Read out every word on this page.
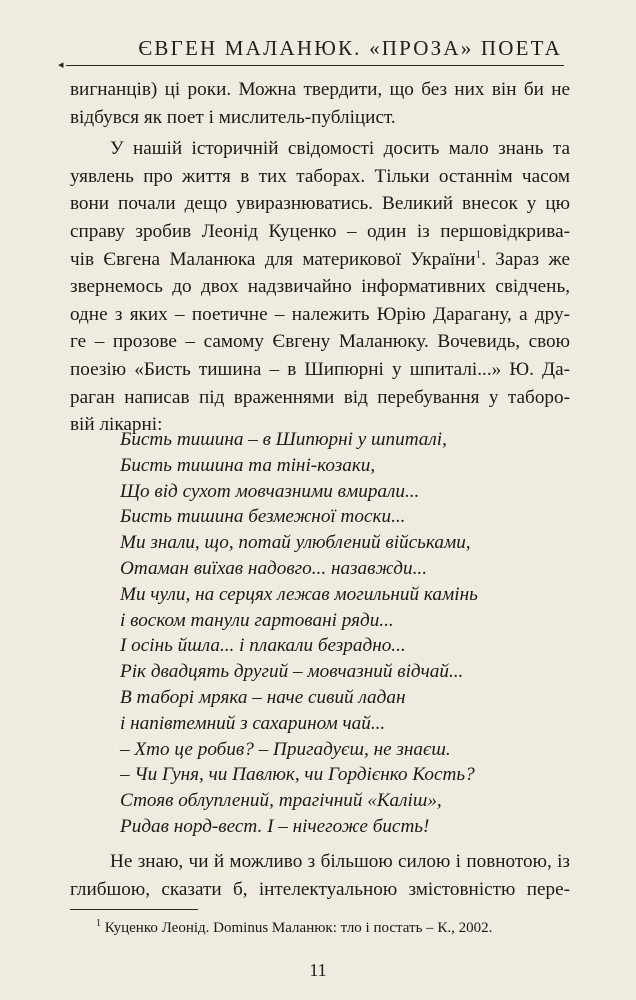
◂
ЄВГЕН МАЛАНЮК. «ПРОЗА» ПОЕТА

вигнанців) ці роки. Можна твердити, що без них він би не
відбувся як поет і мислитель-публіцист.

У нашій історичній свідомості досить мало знань та
уявлень про життя в тих таборах. Тільки останнім часом
вони почали дещо увиразнюватись. Великий внесок у цю
справу зробив Леонід Куценко – один із першовідкрива-
чів Євгена Маланюка для материкової України$^1$. Зараз же
звернемось до двох надзвичайно інформативних свідчень,
одне з яких – поетичне – належить Юрію Дарагану, а дру-
ге – прозове – самому Євгену Маланюку. Вочевидь, свою
поезію «Бисть тишина – в Шипюрні у шпиталі...» Ю. Да-
раган написав під враженнями від перебування у таборо-
вій лікарні:

Бисть тишина – в Шипюрні у шпиталі,
Бисть тишина та тіні-козаки,
Що від сухот мовчазними вмирали...
Бисть тишина безмежної тоски...
Ми знали, що, потай улюблений військами,
Отаман виїхав надовго... назавжди...
Ми чули, на серцях лежав могильний камінь
і воском танули гартовані ряди...
І осінь йшла... і плакали безрадно...
Рік двадцять другий – мовчазний відчай...
В таборі мряка – наче сивий ладан
і напівтемний з сахарином чай...
– Хто це робив? – Пригадуєш, не знаєш.
– Чи Гуня, чи Павлюк, чи Гордієнко Кость?
Стояв облуплений, трагічний «Каліш»,
Ридав норд-вест. І – нічегоже бисть!
Не знаю, чи й можливо з більшою силою і повнотою, із
глибшою, сказати б, інтелектуальною змістовністю пере-
$^1$ Куценко Леонід. Dominus Маланюк: тло і постать – К., 2002.
11
